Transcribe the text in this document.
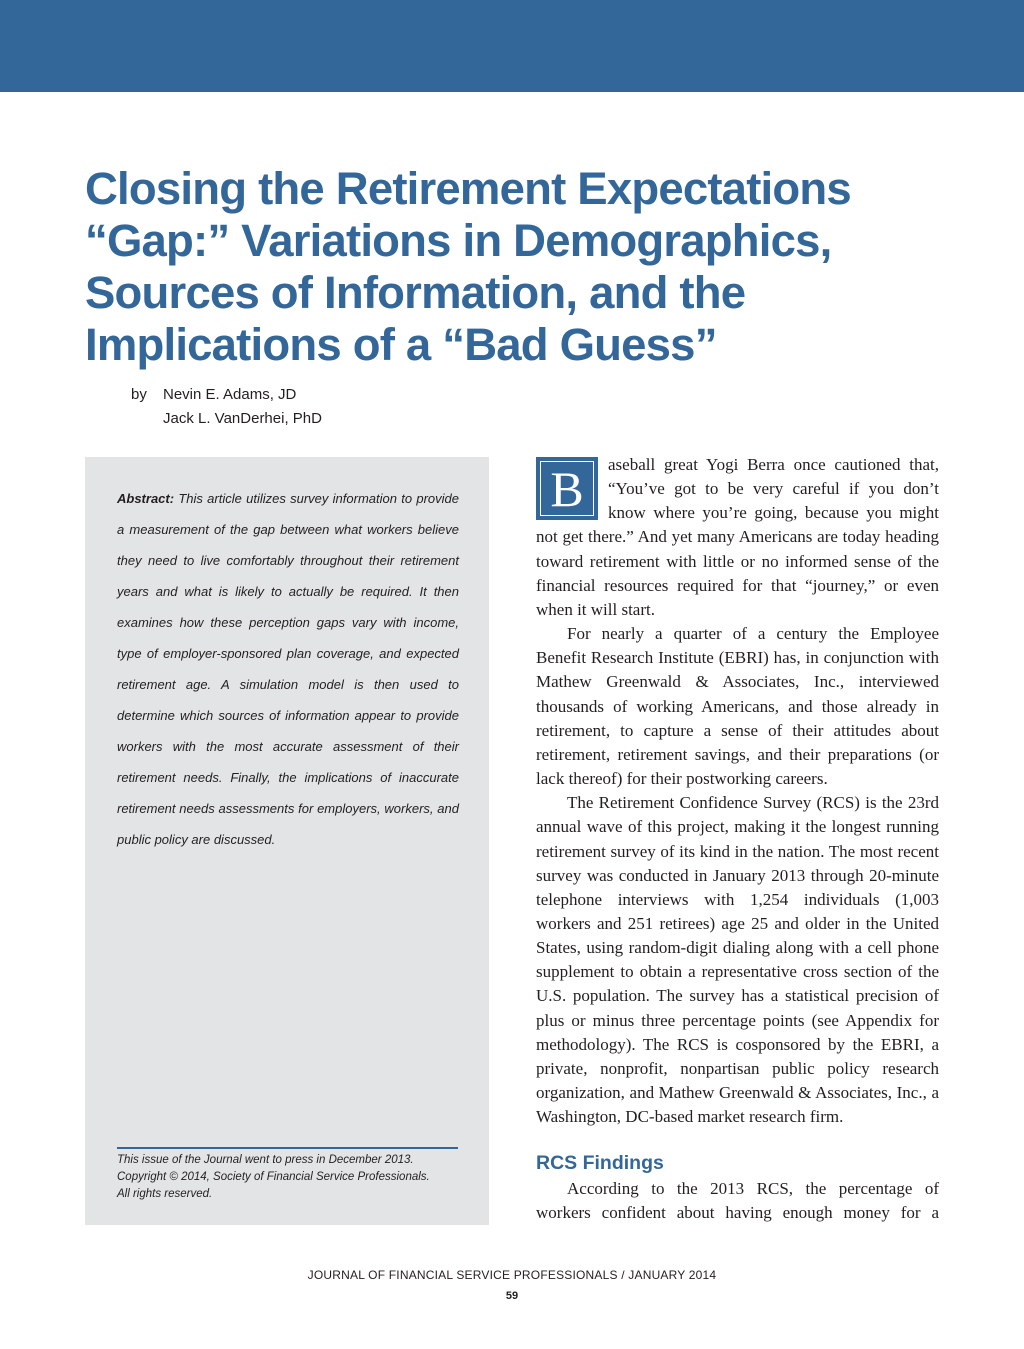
Closing the Retirement Expectations
“Gap:” Variations in Demographics,
Sources of Information, and the
Implications of a “Bad Guess”
by Nevin E. Adams, JD
Jack L. VanDerhei, PhD

Abstract: This article utilizes survey information to provide a measurement of the gap between what workers believe they need to live comfortably throughout their retirement years and what is likely to actually be required. It then examines how these perception gaps vary with income, type of employer-sponsored plan coverage, and expected retirement age. A simulation model is then used to determine which sources of information appear to provide workers with the most accurate assessment of their retirement needs. Finally, the implications of inaccurate retirement needs assessments for employers, workers, and public policy are discussed.

This issue of the Journal went to press in December 2013.
Copyright © 2014, Society of Financial Service Professionals.
All rights reserved.

B	aseball great Yogi Berra once cautioned that, “You’ve got to be very careful if you don’t know where you’re going, because you might not get there.” And yet many Americans are today heading toward retirement with little or no informed sense of the financial resources required for that “journey,” or even when it will start.

For nearly a quarter of a century the Employee Benefit Research Institute (EBRI) has, in conjunction with Mathew Greenwald & Associates, Inc., interviewed thousands of working Americans, and those already in retirement, to capture a sense of their attitudes about retirement, retirement savings, and their preparations (or lack thereof) for their postworking careers.

The Retirement Confidence Survey (RCS) is the 23rd annual wave of this project, making it the longest running retirement survey of its kind in the nation. The most recent survey was conducted in January 2013 through 20-minute telephone interviews with 1,254 individuals (1,003 workers and 251 retirees) age 25 and older in the United States, using random-digit dialing along with a cell phone supplement to obtain a representative cross section of the U.S. population. The survey has a statistical precision of plus or minus three percentage points (see Appendix for methodology). The RCS is cosponsored by the EBRI, a private, nonprofit, nonpartisan public policy research organization, and Mathew Greenwald & Associates, Inc., a Washington, DC-based market research firm.

RCS Findings

According to the 2013 RCS, the percentage of workers confident about having enough money for a

JOURNAL OF FINANCIAL SERVICE PROFESSIONALS / JANUARY 2014
59
